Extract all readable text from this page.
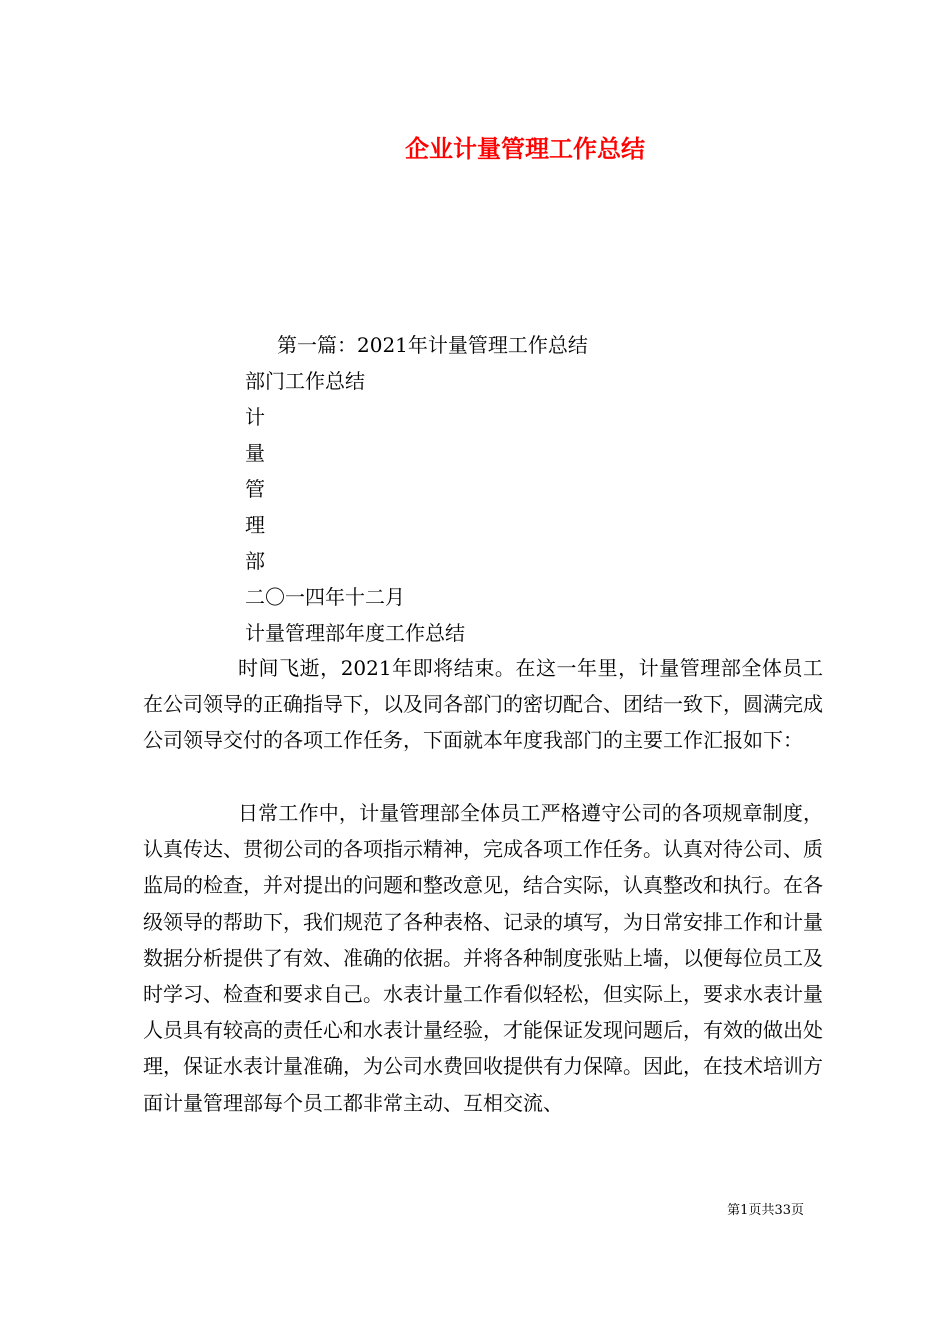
企业计量管理工作总结
第一篇：2021年计量管理工作总结
部门工作总结
计
量
管
理
部
二〇一四年十二月
计量管理部年度工作总结

时间飞逝，2021年即将结束。在这一年里，计量管理部全体员工在公司领导的正确指导下，以及同各部门的密切配合、团结一致下，圆满完成公司领导交付的各项工作任务，下面就本年度我部门的主要工作汇报如下：

日常工作中，计量管理部全体员工严格遵守公司的各项规章制度，认真传达、贯彻公司的各项指示精神，完成各项工作任务。认真对待公司、质监局的检查，并对提出的问题和整改意见，结合实际，认真整改和执行。在各级领导的帮助下，我们规范了各种表格、记录的填写，为日常安排工作和计量数据分析提供了有效、准确的依据。并将各种制度张贴上墙，以便每位员工及时学习、检查和要求自己。水表计量工作看似轻松，但实际上，要求水表计量人员具有较高的责任心和水表计量经验，才能保证发现问题后，有效的做出处理，保证水表计量准确，为公司水费回收提供有力保障。因此，在技术培训方面计量管理部每个员工都非常主动、互相交流、

第1页共33页
